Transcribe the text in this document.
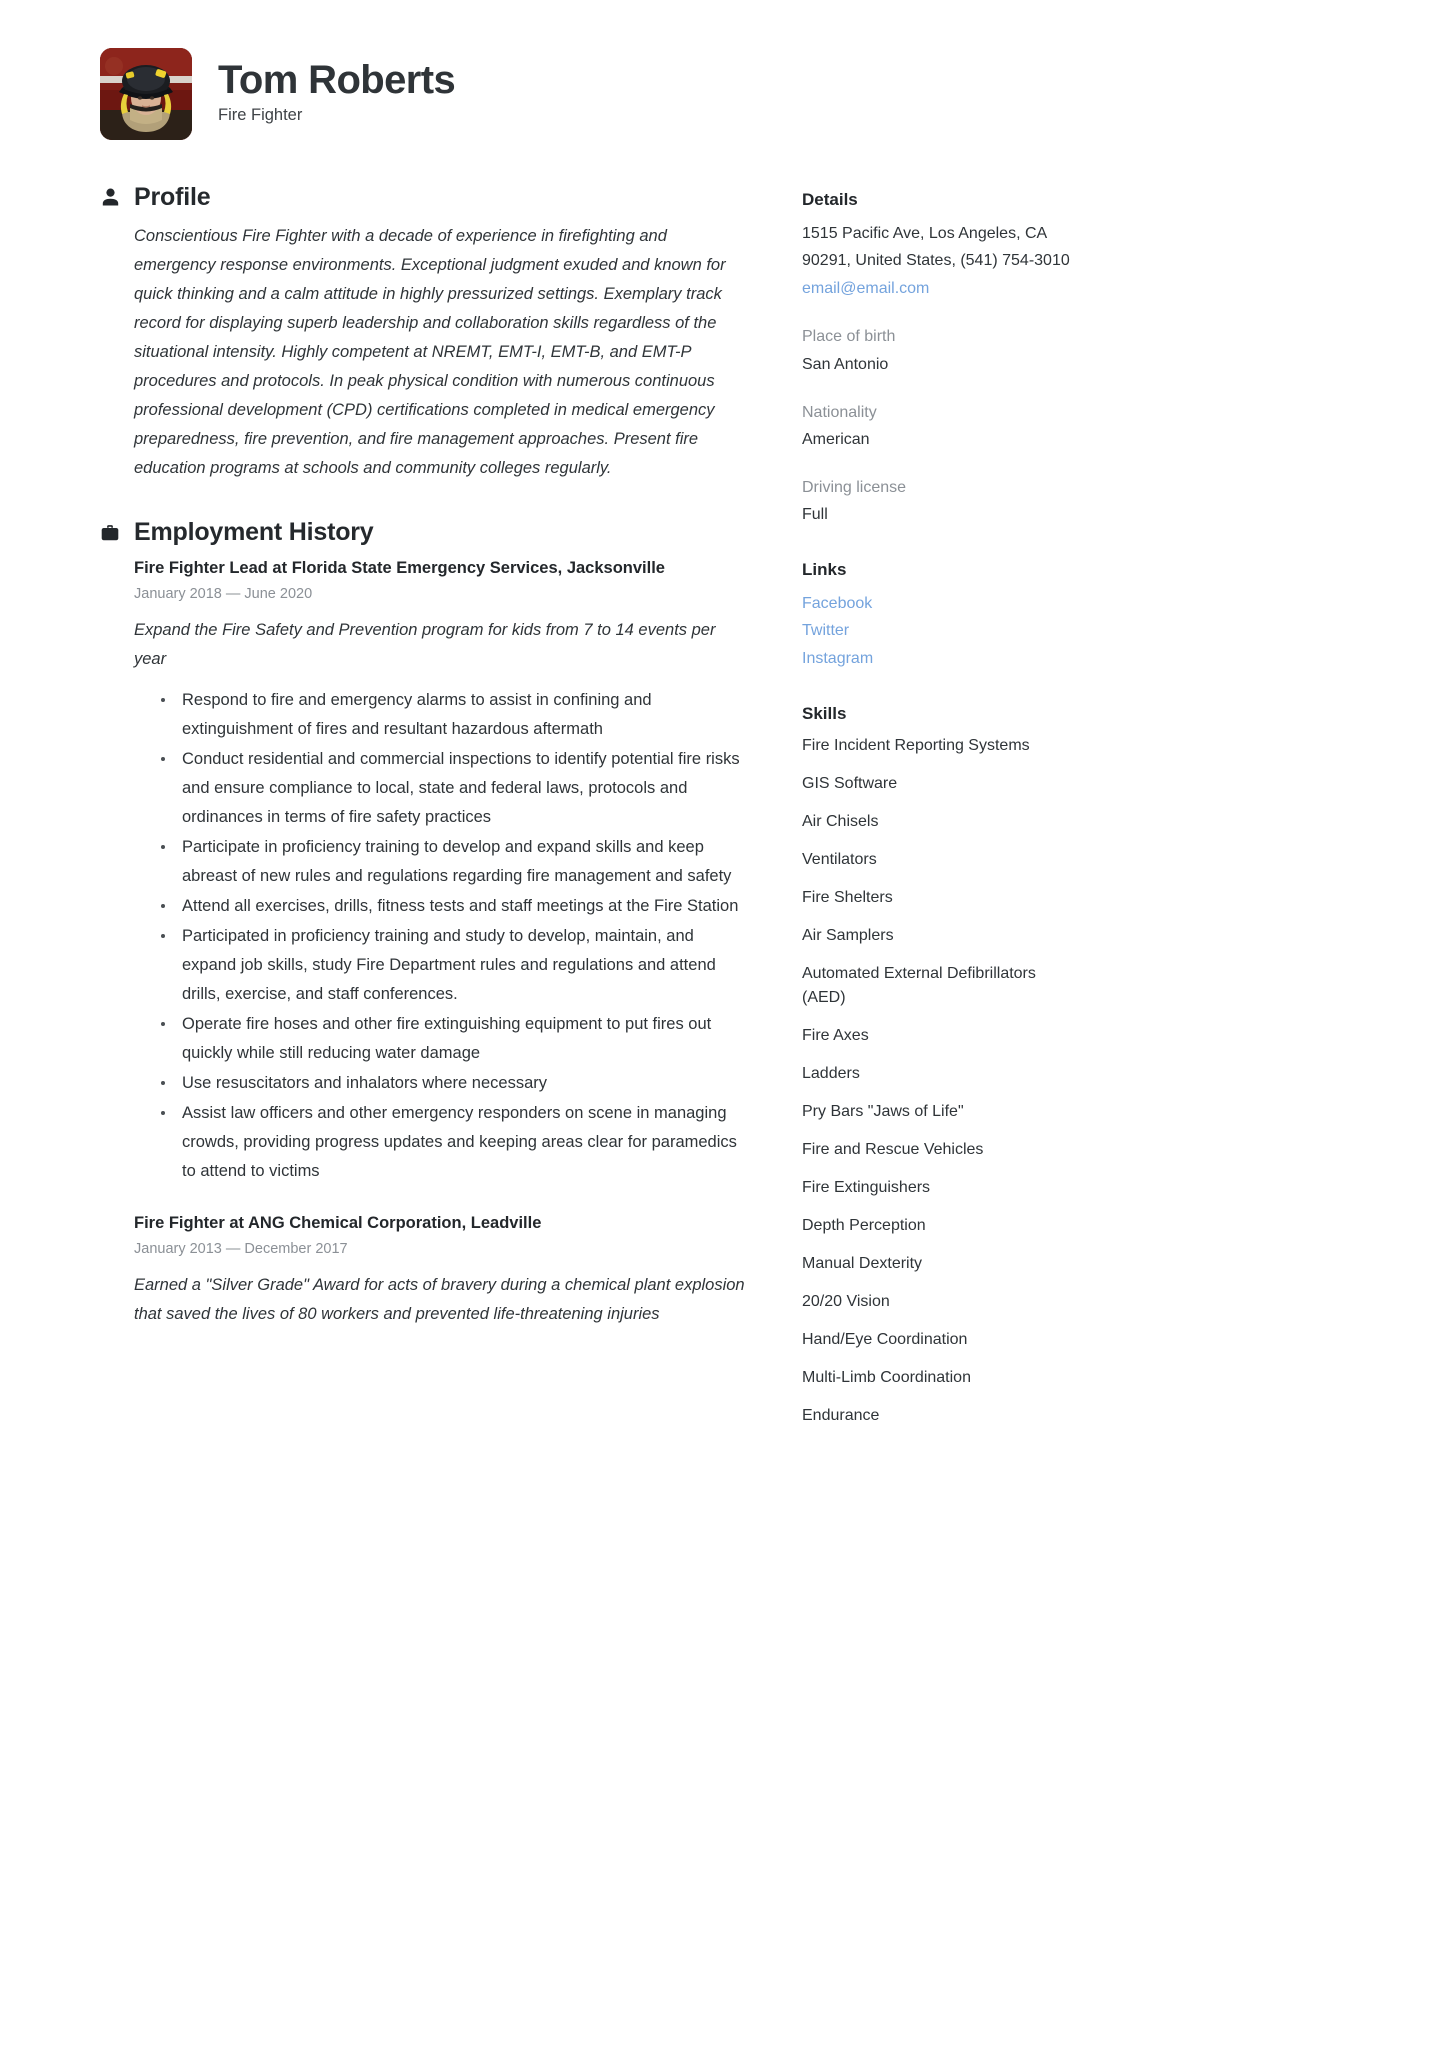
Tom Roberts
Fire Fighter
Profile

Conscientious Fire Fighter with a decade of experience in firefighting and emergency response environments. Exceptional judgment exuded and known for quick thinking and a calm attitude in highly pressurized settings. Exemplary track record for displaying superb leadership and collaboration skills regardless of the situational intensity. Highly competent at NREMT, EMT-I, EMT-B, and EMT-P procedures and protocols. In peak physical condition with numerous continuous professional development (CPD) certifications completed in medical emergency preparedness, fire prevention, and fire management approaches. Present fire education programs at schools and community colleges regularly.

Employment History
Fire Fighter Lead at Florida State Emergency Services, Jacksonville
January 2018 — June 2020
Expand the Fire Safety and Prevention program for kids from 7 to 14 events per year
Respond to fire and emergency alarms to assist in confining and extinguishment of fires and resultant hazardous aftermath
Conduct residential and commercial inspections to identify potential fire risks and ensure compliance to local, state and federal laws, protocols and ordinances in terms of fire safety practices
Participate in proficiency training to develop and expand skills and keep abreast of new rules and regulations regarding fire management and safety
Attend all exercises, drills, fitness tests and staff meetings at the Fire Station
Participated in proficiency training and study to develop, maintain, and expand job skills, study Fire Department rules and regulations and attend drills, exercise, and staff conferences.
Operate fire hoses and other fire extinguishing equipment to put fires out quickly while still reducing water damage
Use resuscitators and inhalators where necessary
Assist law officers and other emergency responders on scene in managing crowds, providing progress updates and keeping areas clear for paramedics to attend to victims
Fire Fighter at ANG Chemical Corporation, Leadville
January 2013 — December 2017
Earned a "Silver Grade" Award for acts of bravery during a chemical plant explosion that saved the lives of 80 workers and prevented life-threatening injuries
Details
1515 Pacific Ave, Los Angeles, CA 90291, United States, (541) 754-3010
email@email.com
Place of birth
San Antonio
Nationality
American
Driving license
Full
Links
Facebook
Twitter
Instagram
Skills
Fire Incident Reporting Systems
GIS Software
Air Chisels
Ventilators
Fire Shelters
Air Samplers
Automated External Defibrillators (AED)
Fire Axes
Ladders
Pry Bars "Jaws of Life"
Fire and Rescue Vehicles
Fire Extinguishers
Depth Perception
Manual Dexterity
20/20 Vision
Hand/Eye Coordination
Multi-Limb Coordination
Endurance
